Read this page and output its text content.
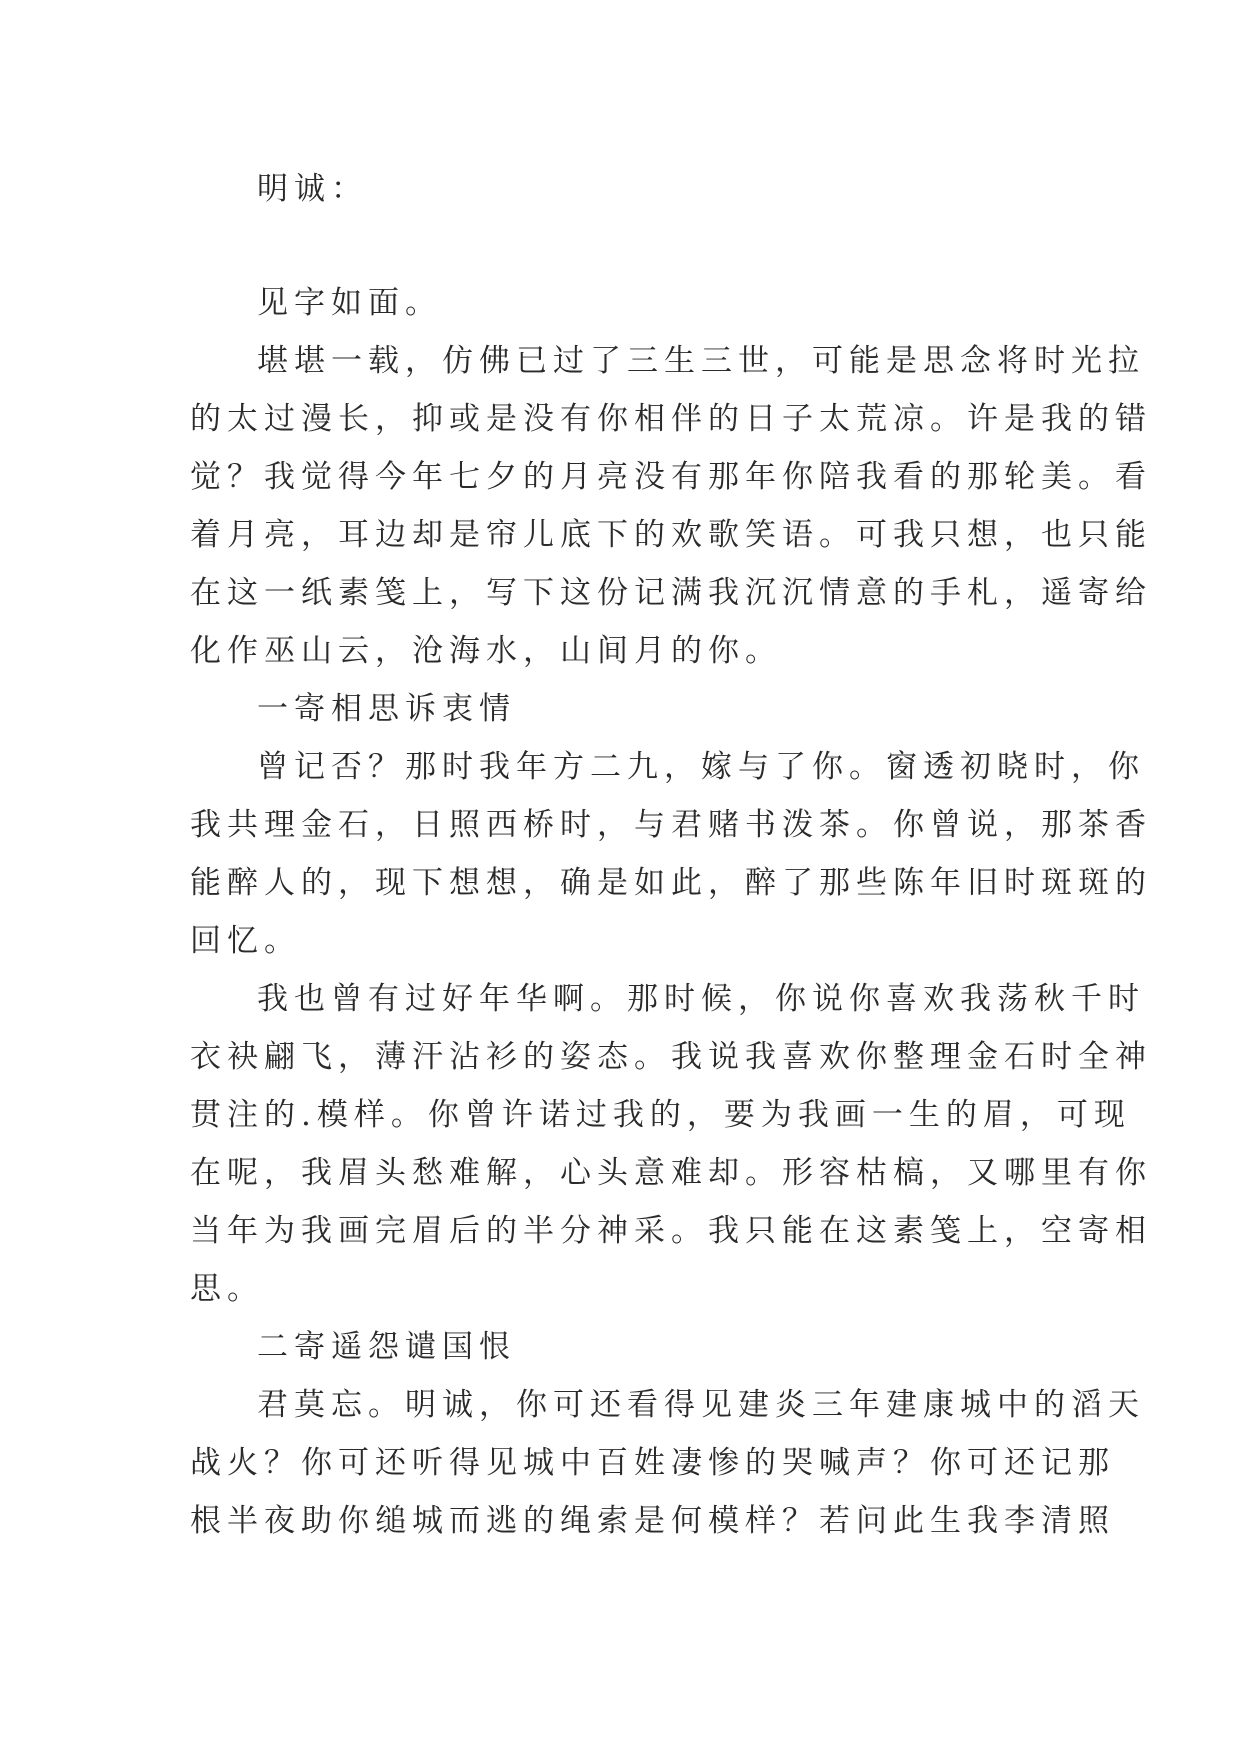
明诚：
见字如面。
堪堪一载，仿佛已过了三生三世，可能是思念将时光拉
的太过漫长，抑或是没有你相伴的日子太荒凉。许是我的错
觉？我觉得今年七夕的月亮没有那年你陪我看的那轮美。看
着月亮，耳边却是帘儿底下的欢歌笑语。可我只想，也只能
在这一纸素笺上，写下这份记满我沉沉情意的手札，遥寄给
化作巫山云，沧海水，山间月的你。
一寄相思诉衷情
曾记否？那时我年方二九，嫁与了你。窗透初晓时，你
我共理金石，日照西桥时，与君赌书泼茶。你曾说，那茶香
能醉人的，现下想想，确是如此，醉了那些陈年旧时斑斑的
回忆。
我也曾有过好年华啊。那时候，你说你喜欢我荡秋千时
衣袂翩飞，薄汗沾衫的姿态。我说我喜欢你整理金石时全神
贯注的.模样。你曾许诺过我的，要为我画一生的眉，可现
在呢，我眉头愁难解，心头意难却。形容枯槁，又哪里有你
当年为我画完眉后的半分神采。我只能在这素笺上，空寄相
思。
二寄遥怨谴国恨
君莫忘。明诚，你可还看得见建炎三年建康城中的滔天
战火？你可还听得见城中百姓凄惨的哭喊声？你可还记那
根半夜助你缒城而逃的绳索是何模样？若问此生我李清照
